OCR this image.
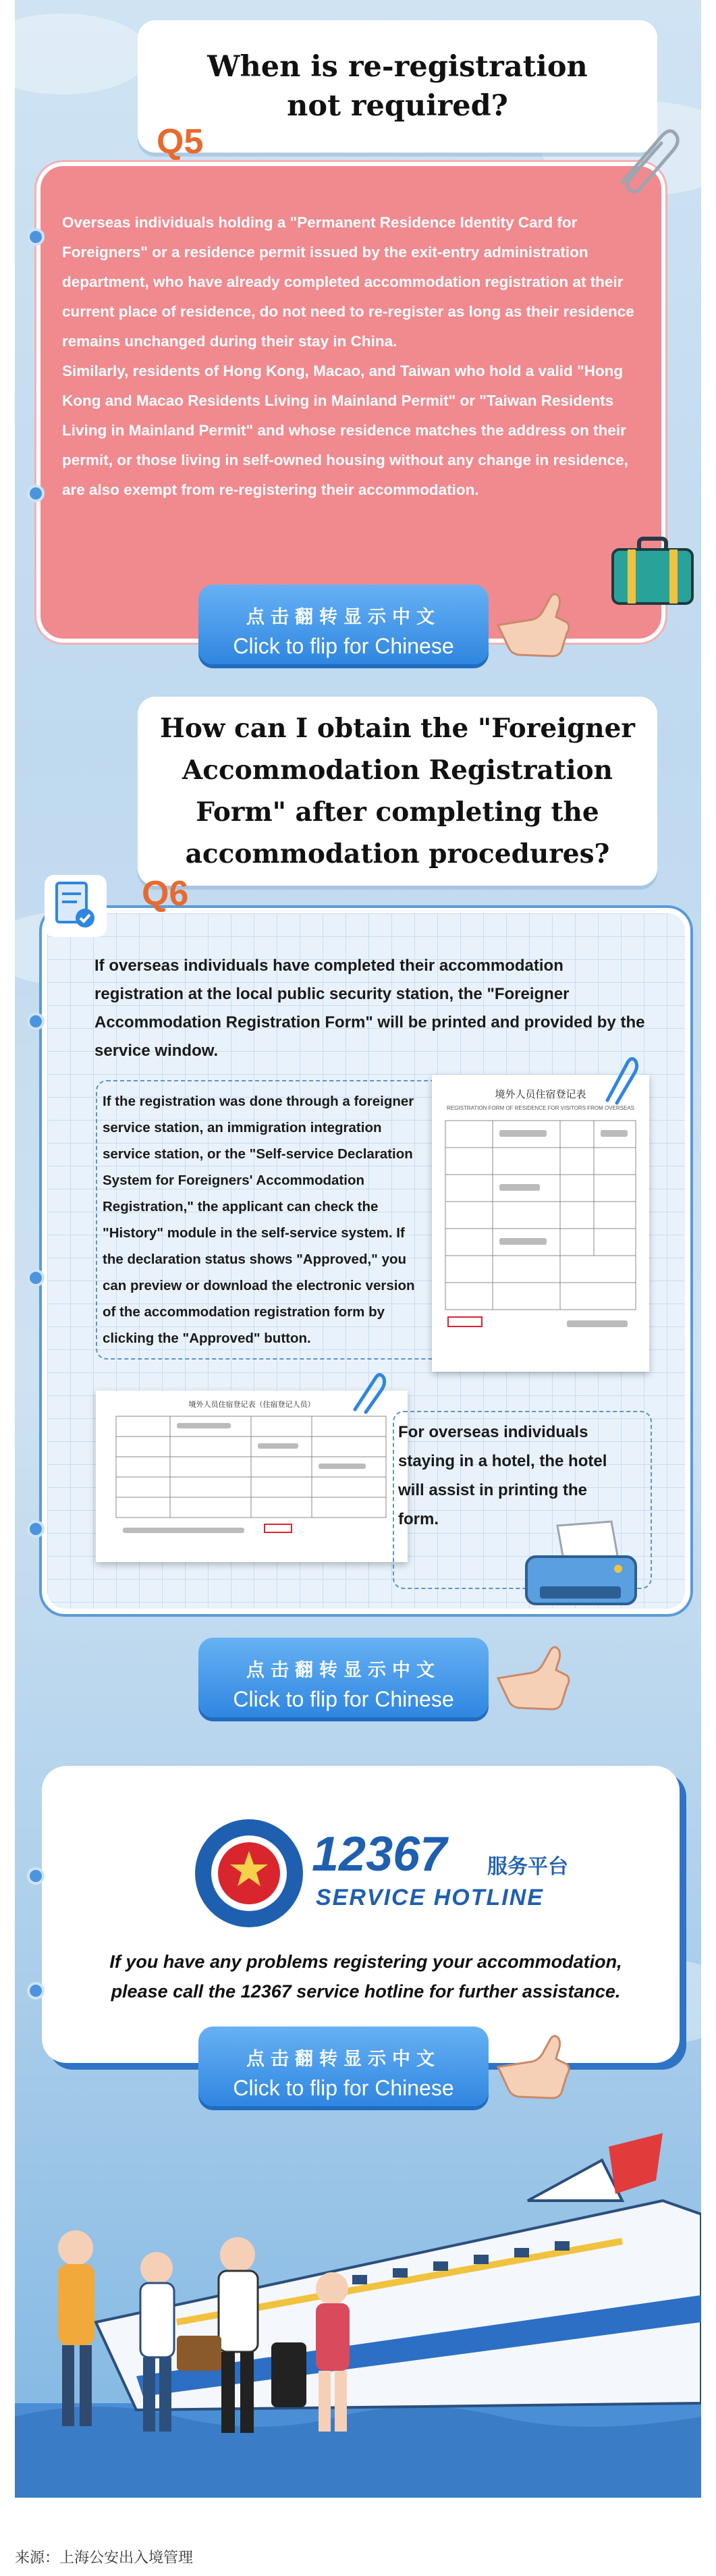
Overseas individuals holding a "Permanent Residence Identity Card for Foreigners" or a residence permit issued by the exit-entry administration department, who have already completed accommodation registration at their current place of residence, do not need to re-register as long as their residence remains unchanged during their stay in China.

Similarly, residents of Hong Kong, Macao, and Taiwan who hold a valid "Hong Kong and Macao Residents Living in Mainland Permit" or "Taiwan Residents Living in Mainland Permit" and whose residence matches the address on their permit, or those living in self-owned housing without any change in residence, are also exempt from re-registering their accommodation.

When is re-registration
not required?
Q5
点击翻转显示中文
Click to flip for Chinese
How can I obtain the "Foreigner
Accommodation Registration
Form" after completing the
accommodation procedures?
Q6
If overseas individuals have completed their accommodation registration at the local public security station, the "Foreigner Accommodation Registration Form" will be printed and provided by the service window.
If the registration was done through a foreigner service station, an immigration integration service station, or the "Self-service Declaration System for Foreigners' Accommodation Registration," the applicant can check the "History" module in the self-service system. If the declaration status shows "Approved," you can preview or download the electronic version of the accommodation registration form by clicking the "Approved" button.
境外人员住宿登记表
REGISTRATION FORM OF RESIDENCE FOR VISITORS FROM OVERSEAS
境外人员住宿登记表（住宿登记人员）
For overseas individuals staying in a hotel, the hotel will assist in printing the form.
点击翻转显示中文
Click to flip for Chinese
12367 服务平台
SERVICE HOTLINE
If you have any problems registering your accommodation,
please call the 12367 service hotline for further assistance.
点击翻转显示中文
Click to flip for Chinese
来源：上海公安出入境管理
